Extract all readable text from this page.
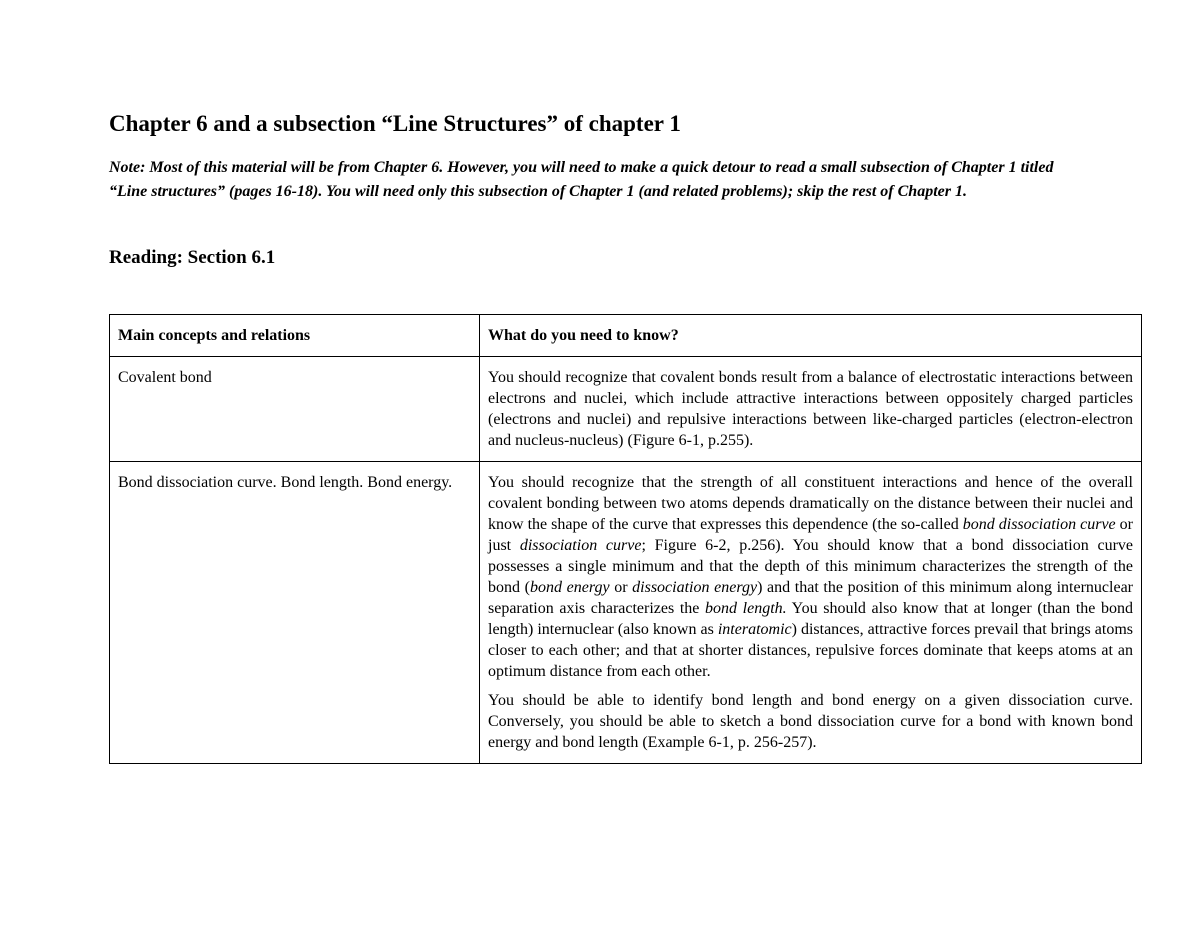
Chapter 6 and a subsection “Line Structures” of chapter 1

Note: Most of this material will be from Chapter 6. However, you will need to make a quick detour to read a small subsection of Chapter 1 titled “Line structures” (pages 16-18). You will need only this subsection of Chapter 1 (and related problems); skip the rest of Chapter 1.

Reading: Section 6.1
Main concepts and relations	What do you need to know?
Covalent bond	You should recognize that covalent bonds result from a balance of electrostatic interactions between electrons and nuclei, which include attractive interactions between oppositely charged particles (electrons and nuclei) and repulsive interactions between like-charged particles (electron-electron and nucleus-nucleus) (Figure 6-1, p.255).

Bond dissociation curve. Bond length. Bond energy.	You should recognize that the strength of all constituent interactions and hence of the overall covalent bonding between two atoms depends dramatically on the distance between their nuclei and know the shape of the curve that expresses this dependence (the so-called bond dissociation curve or just dissociation curve; Figure 6-2, p.256). You should know that a bond dissociation curve possesses a single minimum and that the depth of this minimum characterizes the strength of the bond (bond energy or dissociation energy) and that the position of this minimum along internuclear separation axis characterizes the bond length. You should also know that at longer (than the bond length) internuclear (also known as interatomic) distances, attractive forces prevail that brings atoms closer to each other; and that at shorter distances, repulsive forces dominate that keeps atoms at an optimum distance from each other.

You should be able to identify bond length and bond energy on a given dissociation curve. Conversely, you should be able to sketch a bond dissociation curve for a bond with known bond energy and bond length (Example 6-1, p. 256-257).
